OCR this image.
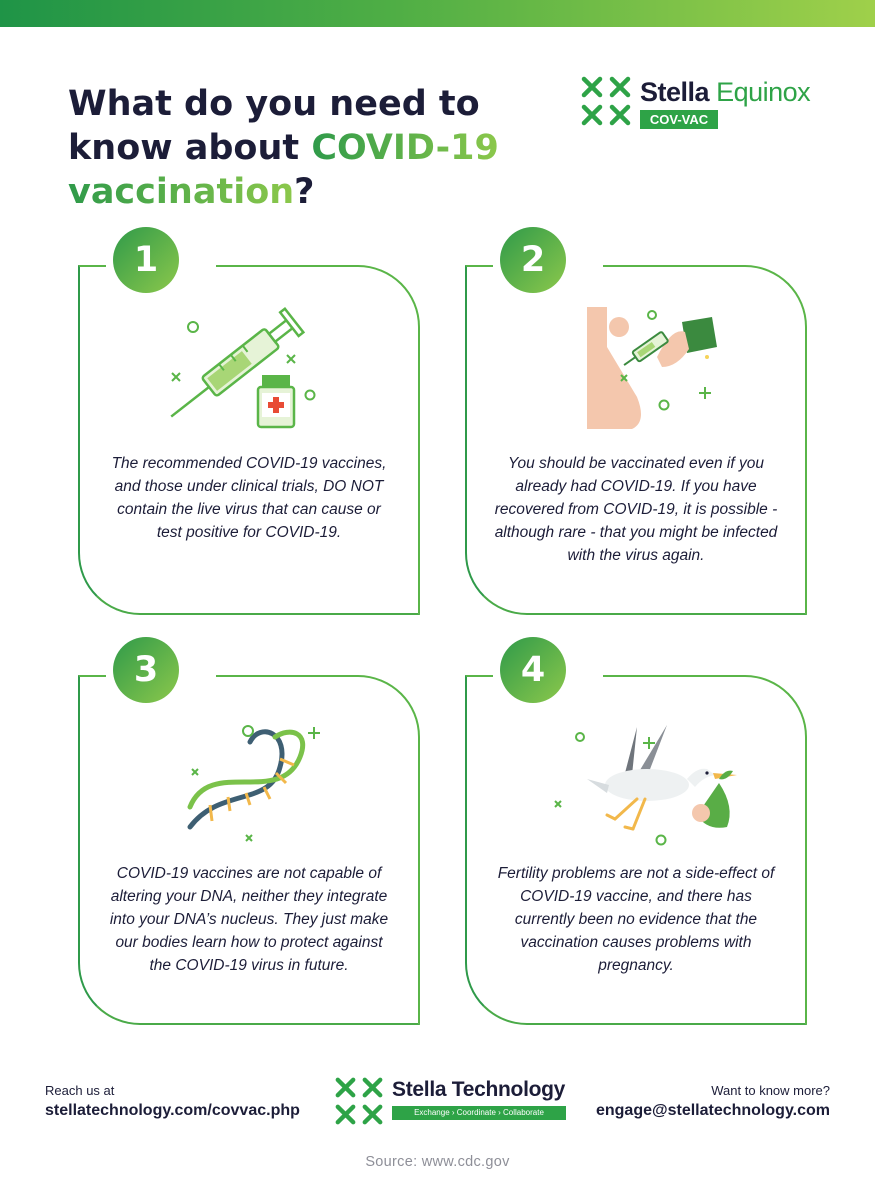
What do you need to
know about COVID-19
vaccination?
Stella Equinox
COV-VAC
1

The recommended COVID-19 vaccines, and those under clinical trials, DO NOT contain the live virus that can cause or test positive for COVID-19.

2

You should be vaccinated even if you already had COVID-19. If you have recovered from COVID-19, it is possible - although rare - that you might be infected with the virus again.

3

COVID-19 vaccines are not capable of altering your DNA, neither they integrate into your DNA’s nucleus. They just make our bodies learn how to protect against the COVID-19 virus in future.

4

Fertility problems are not a side-effect of COVID-19 vaccine, and there has currently been no evidence that the vaccination causes problems with pregnancy.

Reach us at
stellatechnology.com/covvac.php
Stella Technology
Exchange › Coordinate › Collaborate
Want to know more?
engage@stellatechnology.com
Source: www.cdc.gov
